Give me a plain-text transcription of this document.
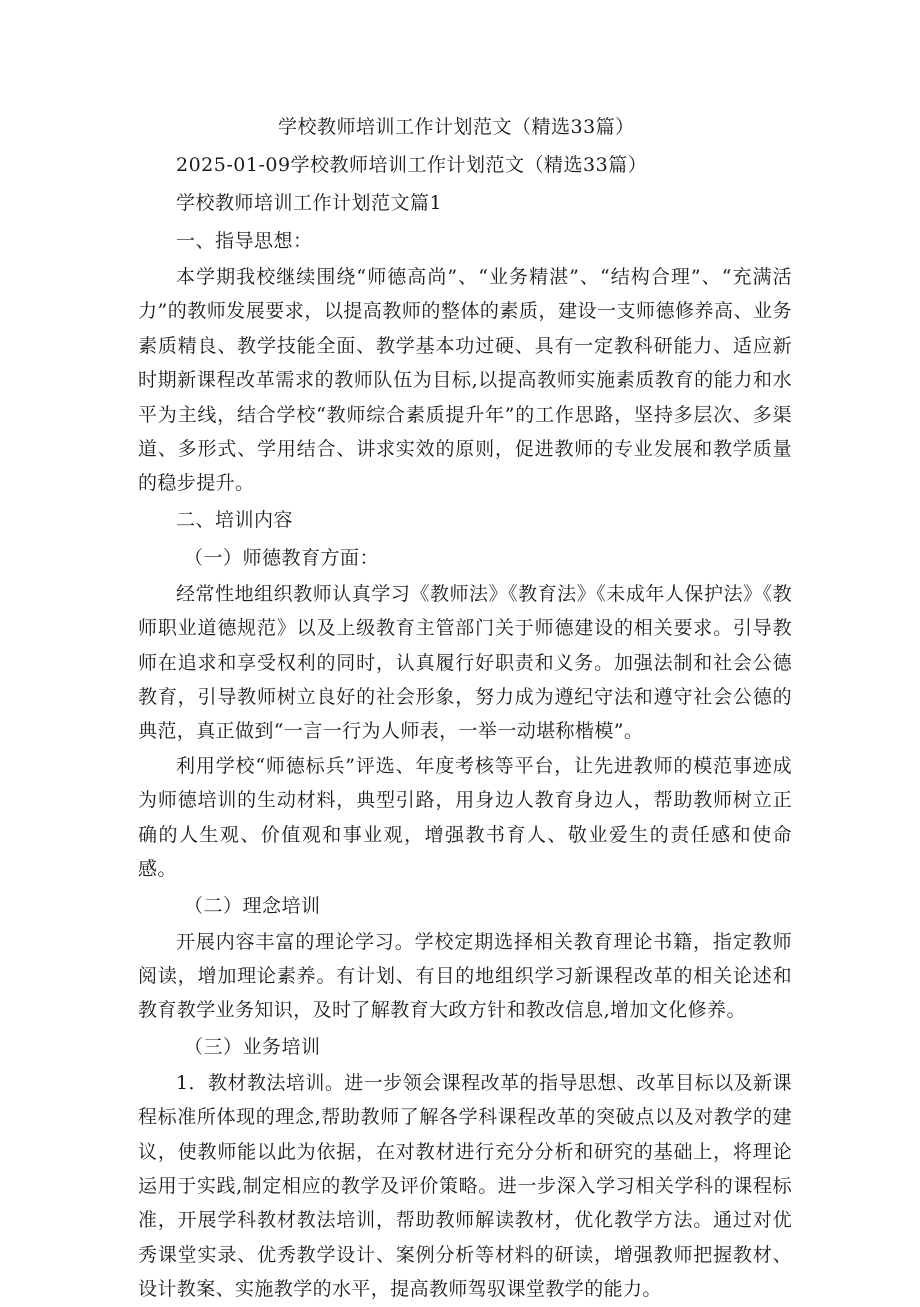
学校教师培训工作计划范文（精选33篇）

2025-01-09学校教师培训工作计划范文（精选33篇）

学校教师培训工作计划范文篇1

一、指导思想：

本学期我校继续围绕“师德高尚”、“业务精湛”、“结构合理”、“充满活力”的教师发展要求，以提高教师的整体的素质，建设一支师德修养高、业务素质精良、教学技能全面、教学基本功过硬、具有一定教科研能力、适应新时期新课程改革需求的教师队伍为目标,以提高教师实施素质教育的能力和水平为主线，结合学校“教师综合素质提升年”的工作思路，坚持多层次、多渠道、多形式、学用结合、讲求实效的原则，促进教师的专业发展和教学质量的稳步提升。

二、培训内容

（一）师德教育方面：

经常性地组织教师认真学习《教师法》《教育法》《未成年人保护法》《教师职业道德规范》以及上级教育主管部门关于师德建设的相关要求。引导教师在追求和享受权利的同时，认真履行好职责和义务。加强法制和社会公德教育，引导教师树立良好的社会形象，努力成为遵纪守法和遵守社会公德的典范，真正做到“一言一行为人师表，一举一动堪称楷模”。

利用学校“师德标兵”评选、年度考核等平台，让先进教师的模范事迹成为师德培训的生动材料，典型引路，用身边人教育身边人，帮助教师树立正确的人生观、价值观和事业观，增强教书育人、敬业爱生的责任感和使命感。

（二）理念培训

开展内容丰富的理论学习。学校定期选择相关教育理论书籍，指定教师阅读，增加理论素养。有计划、有目的地组织学习新课程改革的相关论述和教育教学业务知识，及时了解教育大政方针和教改信息,增加文化修养。

（三）业务培训

1．教材教法培训。进一步领会课程改革的指导思想、改革目标以及新课程标准所体现的理念,帮助教师了解各学科课程改革的突破点以及对教学的建议，使教师能以此为依据，在对教材进行充分分析和研究的基础上，将理论运用于实践,制定相应的教学及评价策略。进一步深入学习相关学科的课程标准，开展学科教材教法培训，帮助教师解读教材，优化教学方法。通过对优秀课堂实录、优秀教学设计、案例分析等材料的研读，增强教师把握教材、设计教案、实施教学的水平，提高教师驾驭课堂教学的能力。
